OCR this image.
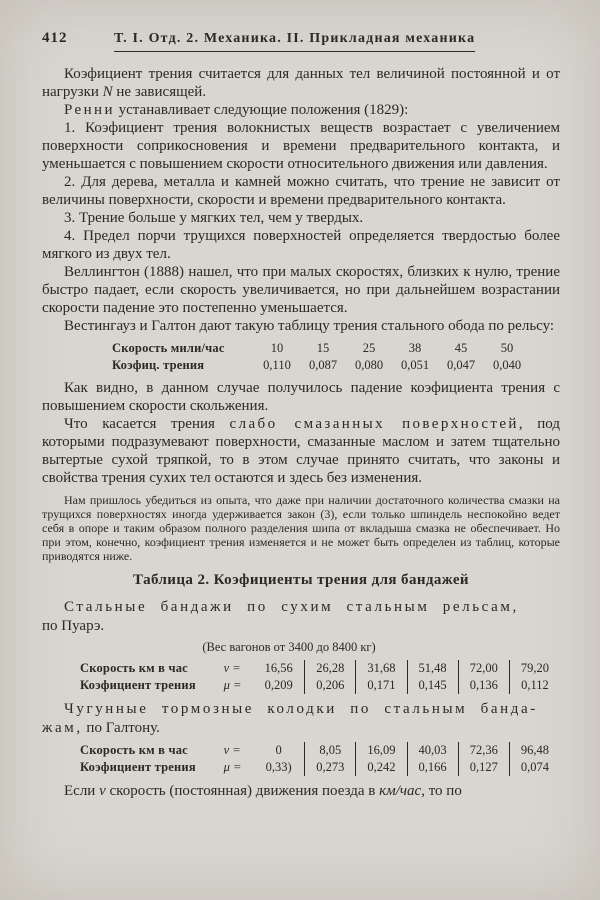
412	Т. I. Отд. 2. Механика. II. Прикладная механика

Коэфициент трения считается для данных тел величиной постоянной и от нагрузки N не зависящей.

Ренни устанавливает следующие положения (1829):

1. Коэфициент трения волокнистых веществ возрастает с увеличением поверхности соприкосновения и времени предварительного контакта, и уменьшается с повышением скорости относительного движения или давления.

2. Для дерева, металла и камней можно считать, что трение не зависит от величины поверхности, скорости и времени предварительного контакта.

3. Трение больше у мягких тел, чем у твердых.

4. Предел порчи трущихся поверхностей определяется твердостью более мягкого из двух тел.

Веллингтон (1888) нашел, что при малых скоростях, близких к нулю, трение быстро падает, если скорость увеличивается, но при дальнейшем возрастании скорости падение это постепенно уменьшается.

Вестингауз и Галтон дают такую таблицу трения стального обода по рельсу:

Скорость мили/час	10	15	25	38	45	50
Коэфиц. трения	0,110	0,087	0,080	0,051	0,047	0,040

Как видно, в данном случае получилось падение коэфициента трения с повышением скорости скольжения.

Что касается трения слабо смазанных поверхностей, под которыми подразумевают поверхности, смазанные маслом и затем тщательно вытертые сухой тряпкой, то в этом случае принято считать, что законы и свойства трения сухих тел остаются и здесь без изменения.

Нам пришлось убедиться из опыта, что даже при наличии достаточного количества смазки на трущихся поверхностях иногда удерживается закон (3), если только шпиндель неспокойно ведет себя в опоре и таким образом полного разделения шипа от вкладыша смазка не обеспечивает. Но при этом, конечно, коэфициент трения изменяется и не может быть определен из таблиц, которые приводятся ниже.

Таблица 2. Коэфициенты трения для бандажей

Стальные бандажи по сухим стальным рельсам,
по Пуарэ.

(Вес вагонов от 3400 до 8400 кг)

Скорость км в час	v =	16,56	26,28	31,68	51,48	72,00	79,20
Коэфициент трения	μ =	0,209	0,206	0,171	0,145	0,136	0,112

Чугунные тормозные колодки по стальным банда-
жам, по Галтону.

Скорость км в час	v =	0	8,05	16,09	40,03	72,36	96,48
Коэфициент трения	μ =	0,33)	0,273	0,242	0,166	0,127	0,074

Если v скорость (постоянная) движения поезда в км/час, то по
